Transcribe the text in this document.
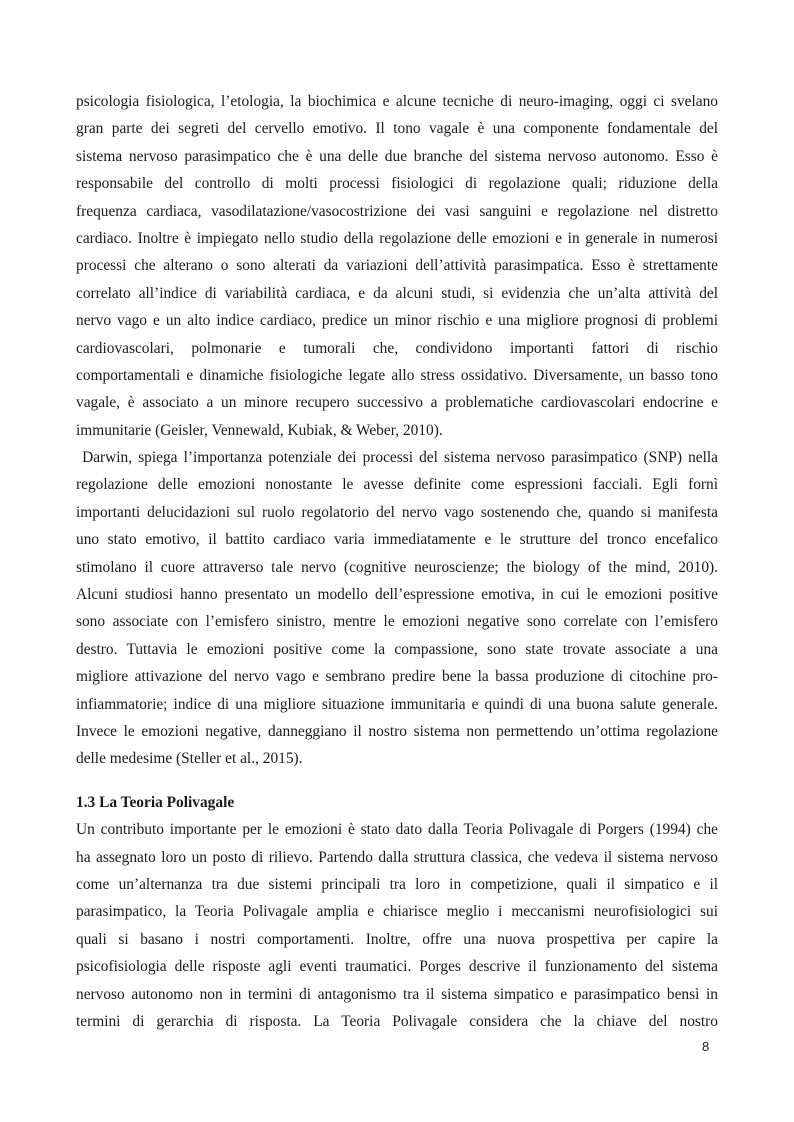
psicologia fisiologica, l’etologia, la biochimica e alcune tecniche di neuro-imaging, oggi ci svelano
gran parte dei segreti del cervello emotivo. Il tono vagale è una componente fondamentale del
sistema nervoso parasimpatico che è una delle due branche del sistema nervoso autonomo. Esso è
responsabile del controllo di molti processi fisiologici di regolazione quali; riduzione della
frequenza cardiaca, vasodilatazione/vasocostrizione dei vasi sanguini e regolazione nel distretto
cardiaco. Inoltre è impiegato nello studio della regolazione delle emozioni e in generale in numerosi
processi che alterano o sono alterati da variazioni dell’attività parasimpatica. Esso è strettamente
correlato all’indice di variabilità cardiaca, e da alcuni studi, si evidenzia che un’alta attività del
nervo vago e un alto indice cardiaco, predice un minor rischio e una migliore prognosi di problemi
cardiovascolari, polmonarie e tumorali che, condividono importanti fattori di rischio
comportamentali e dinamiche fisiologiche legate allo stress ossidativo. Diversamente, un basso tono
vagale, è associato a un minore recupero successivo a problematiche cardiovascolari endocrine e
immunitarie (Geisler, Vennewald, Kubiak, & Weber, 2010).

Darwin, spiega l’importanza potenziale dei processi del sistema nervoso parasimpatico (SNP) nella
regolazione delle emozioni nonostante le avesse definite come espressioni facciali. Egli fornì
importanti delucidazioni sul ruolo regolatorio del nervo vago sostenendo che, quando si manifesta
uno stato emotivo, il battito cardiaco varia immediatamente e le strutture del tronco encefalico
stimolano il cuore attraverso tale nervo (cognitive neuroscienze; the biology of the mind, 2010).
Alcuni studiosi hanno presentato un modello dell’espressione emotiva, in cui le emozioni positive
sono associate con l’emisfero sinistro, mentre le emozioni negative sono correlate con l’emisfero
destro. Tuttavia le emozioni positive come la compassione, sono state trovate associate a una
migliore attivazione del nervo vago e sembrano predire bene la bassa produzione di citochine pro-
infiammatorie; indice di una migliore situazione immunitaria e quindi di una buona salute generale.
Invece le emozioni negative, danneggiano il nostro sistema non permettendo un’ottima regolazione
delle medesime (Steller et al., 2015).

1.3 La Teoria Polivagale

Un contributo importante per le emozioni è stato dato dalla Teoria Polivagale di Porgers (1994) che
ha assegnato loro un posto di rilievo. Partendo dalla struttura classica, che vedeva il sistema nervoso
come un’alternanza tra due sistemi principali tra loro in competizione, quali il simpatico e il
parasimpatico, la Teoria Polivagale amplia e chiarisce meglio i meccanismi neurofisiologici sui
quali si basano i nostri comportamenti. Inoltre, offre una nuova prospettiva per capire la
psicofisiologia delle risposte agli eventi traumatici. Porges descrive il funzionamento del sistema
nervoso autonomo non in termini di antagonismo tra il sistema simpatico e parasimpatico bensì in
termini di gerarchia di risposta. La Teoria Polivagale considera che la chiave del nostro

8
